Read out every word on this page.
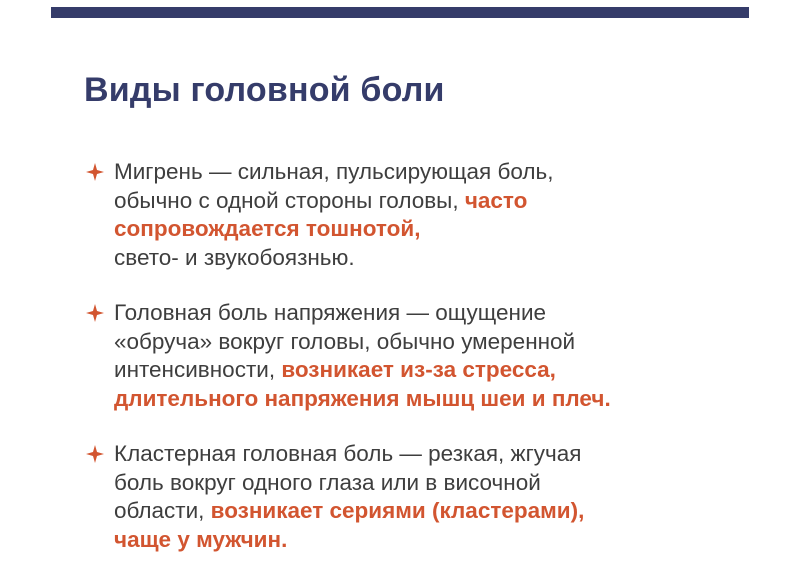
Виды головной боли
Мигрень — сильная, пульсирующая боль,
обычно с одной стороны головы, часто
сопровождается тошнотой,
свето- и звукобоязнью.
Головная боль напряжения — ощущение
«обруча» вокруг головы, обычно умеренной
интенсивности, возникает из-за стресса,
длительного напряжения мышц шеи и плеч.
Кластерная головная боль — резкая, жгучая
боль вокруг одного глаза или в височной
области, возникает сериями (кластерами),
чаще у мужчин.
